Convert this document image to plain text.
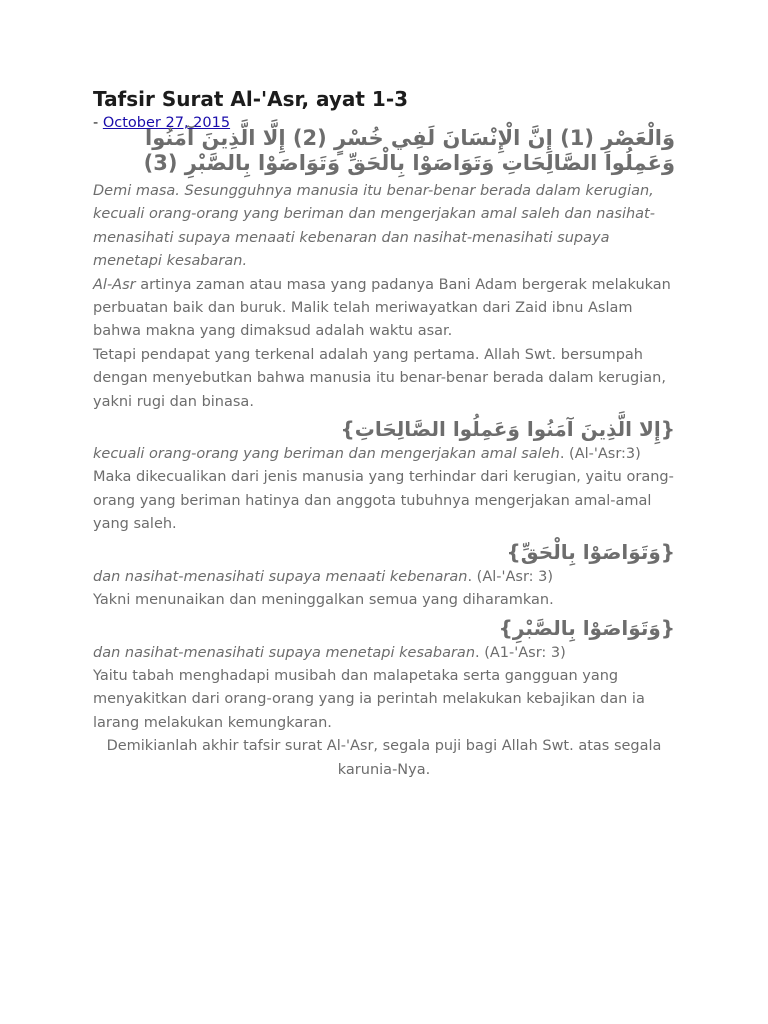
Tafsir Surat Al-'Asr, ayat 1-3
- October 27, 2015
وَالْعَصْرِ (1) إِنَّ الْإِنْسَانَ لَفِي خُسْرٍ (2) إِلَّا الَّذِينَ آمَنُوا وَعَمِلُوا الصَّالِحَاتِ وَتَوَاصَوْا بِالْحَقِّ وَتَوَاصَوْا بِالصَّبْرِ (3)

Demi masa. Sesungguhnya manusia itu benar-benar berada dalam kerugian, kecuali orang-orang yang beriman dan mengerjakan amal saleh dan nasihat-menasihati supaya menaati kebenaran dan nasihat-menasihati supaya menetapi kesabaran.

Al-Asr artinya zaman atau masa yang padanya Bani Adam bergerak melakukan perbuatan baik dan buruk. Malik telah meriwayatkan dari Zaid ibnu Aslam bahwa makna yang dimaksud adalah waktu asar.

Tetapi pendapat yang terkenal adalah yang pertama. Allah Swt. bersumpah dengan menyebutkan bahwa manusia itu benar-benar berada dalam kerugian, yakni rugi dan binasa.

{إِلا الَّذِينَ آمَنُوا وَعَمِلُوا الصَّالِحَاتِ}

kecuali orang-orang yang beriman dan mengerjakan amal saleh. (Al-'Asr:3)

Maka dikecualikan dari jenis manusia yang terhindar dari kerugian, yaitu orang-orang yang beriman hatinya dan anggota tubuhnya mengerjakan amal-amal yang saleh.

{وَتَوَاصَوْا بِالْحَقِّ}

dan nasihat-menasihati supaya menaati kebenaran. (Al-'Asr: 3)

Yakni menunaikan dan meninggalkan semua yang diharamkan.

{وَتَوَاصَوْا بِالصَّبْرِ}

dan nasihat-menasihati supaya menetapi kesabaran. (A1-'Asr: 3)

Yaitu tabah menghadapi musibah dan malapetaka serta gangguan yang menyakitkan dari orang-orang yang ia perintah melakukan kebajikan dan ia larang melakukan kemungkaran.

Demikianlah akhir tafsir surat Al-'Asr, segala puji bagi Allah Swt. atas segala karunia-Nya.
